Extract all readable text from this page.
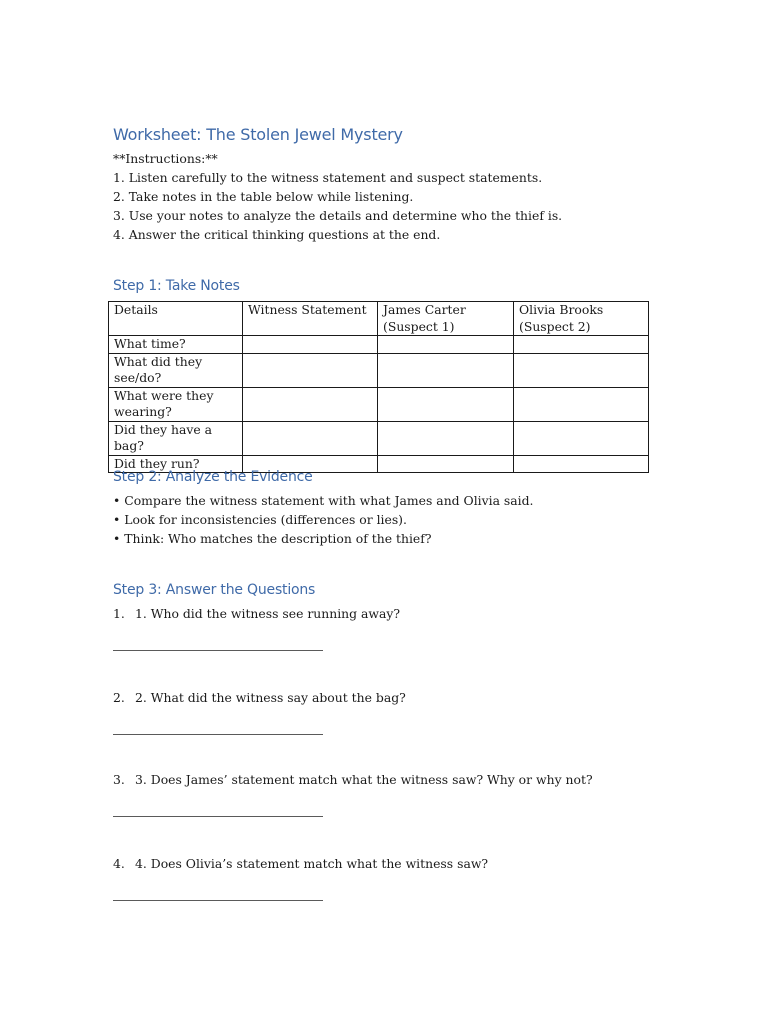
Worksheet: The Stolen Jewel Mystery

**Instructions:**

1. Listen carefully to the witness statement and suspect statements.

2. Take notes in the table below while listening.

3. Use your notes to analyze the details and determine who the thief is.

4. Answer the critical thinking questions at the end.

Step 1: Take Notes
Details	Witness Statement	James Carter (Suspect 1)	Olivia Brooks (Suspect 2)
What time?			
What did they see/do?			
What were they wearing?			
Did they have a bag?			
Did they run?			
Step 2: Analyze the Evidence

• Compare the witness statement with what James and Olivia said.

• Look for inconsistencies (differences or lies).

• Think: Who matches the description of the thief?

Step 3: Answer the Questions

1. 1. Who did the witness see running away?

2. 2. What did the witness say about the bag?

3. 3. Does James’ statement match what the witness saw? Why or why not?

4. 4. Does Olivia’s statement match what the witness saw?
